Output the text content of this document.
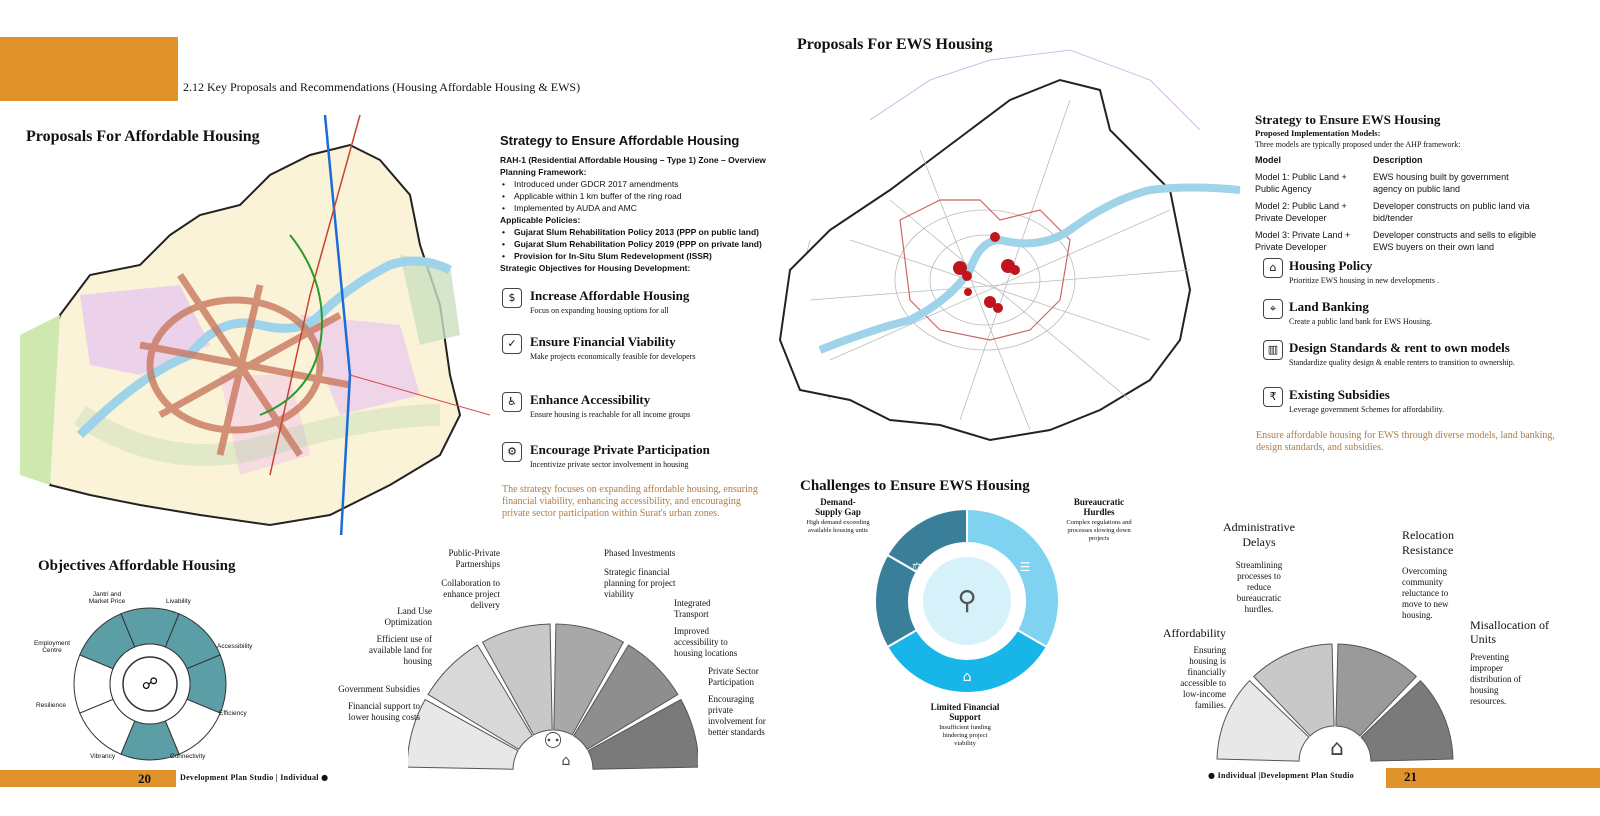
2.12 Key Proposals and Recommendations (Housing Affordable Housing & EWS)
Proposals For Affordable Housing	Strategy to Ensure Affordable Housing
RAH-1 (Residential Affordable Housing – Type 1) Zone – Overview
Planning Framework:
• Introduced under GDCR 2017 amendments
• Applicable within 1 km buffer of the ring road
• Implemented by AUDA and AMC
Applicable Policies:
• Gujarat Slum Rehabilitation Policy 2013 (PPP on public land)
• Gujarat Slum Rehabilitation Policy 2019 (PPP on private land)
• Provision for In-Situ Slum Redevelopment (ISSR)
Strategic Objectives for Housing Development:
$	Increase Affordable Housing
Focus on expanding housing options for all
✓	Ensure Financial Viability
Make projects economically feasible for developers
♿	Enhance Accessibility
Ensure housing is reachable for all income groups
⚙	Encourage Private Participation
Incentivize private sector involvement in housing
The strategy focuses on expanding affordable housing, ensuring financial viability, enhancing accessibility, and encouraging private sector participation within Surat's urban zones.
Objectives Affordable Housing
☍
Jantri and Market Price	Livability
Accessibility
Efficiency
Connectivity
Vibrancy
Resilience
Employment Centre
⚇
⌂
Government Subsidies
Financial support to lower housing costs
Land Use Optimization
Efficient use of available land for housing
Public-Private Partnerships
Collaboration to enhance project delivery
Phased Investments
Strategic financial planning for project viability
Integrated Transport
Improved accessibility to housing locations
Private Sector Participation
Encouraging private involvement for better standards
20	Development Plan Studio | Individual ●
Proposals For EWS Housing
Strategy to Ensure EWS Housing
Proposed Implementation Models:
Three models are typically proposed under the AHP framework:
Model	Description
Model 1: Public Land + Public Agency
EWS housing built by government agency on public land
Model 2: Public Land + Private Developer
Developer constructs on public land via bid/tender
Model 3: Private Land + Private Developer
Developer constructs and sells to eligible EWS buyers on their own land
⌂ Housing Policy
Prioritize EWS housing in new developments .
⌖ Land Banking
Create a public land bank for EWS Housing.
▥ Design Standards & rent to own models
Standardize quality design & enable renters to transition to ownership.
₹ Existing Subsidies
Leverage government Schemes for affordability.
Ensure affordable housing for EWS through diverse models, land banking, design standards, and subsidies.
Challenges to Ensure EWS Housing
⚲
⚖	☰
⌂
Demand-Supply Gap
High demand exceeding available housing units
Bureaucratic Hurdles
Complex regulations and processes slowing down projects
Limited Financial Support
Insufficient funding hindering project viability	⌂
Affordability
Ensuring housing is financially accessible to low-income families.
Administrative Delays
Streamlining processes to reduce bureaucratic hurdles.
Relocation Resistance
Overcoming community reluctance to move to new housing.
Misallocation of Units
Preventing improper distribution of housing resources.
● Individual |Development Plan Studio	21
